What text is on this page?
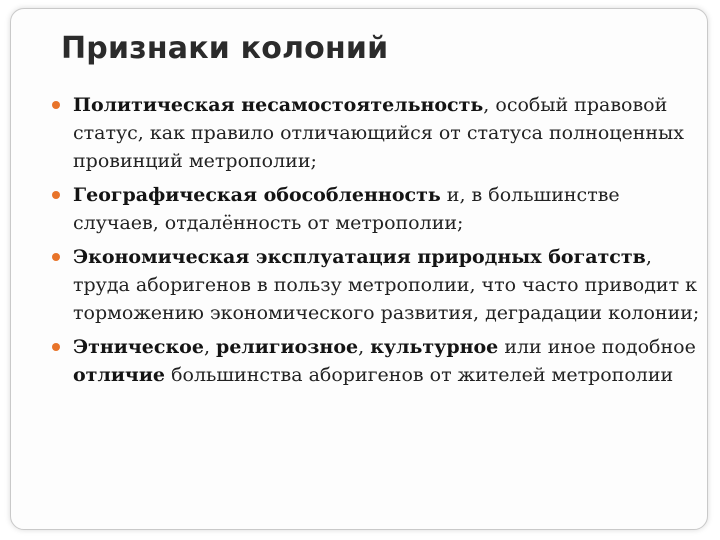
Признаки колоний
Политическая несамостоятельность, особый правовой статус, как правило отличающийся от статуса полноценных провинций метрополии;
Географическая обособленность и, в большинстве случаев, отдалённость от метрополии;
Экономическая эксплуатация природных богатств, труда аборигенов в пользу метрополии, что часто приводит к торможению экономического развития, деградации колонии;
Этническое, религиозное, культурное или иное подобное отличие большинства аборигенов от жителей метрополии
